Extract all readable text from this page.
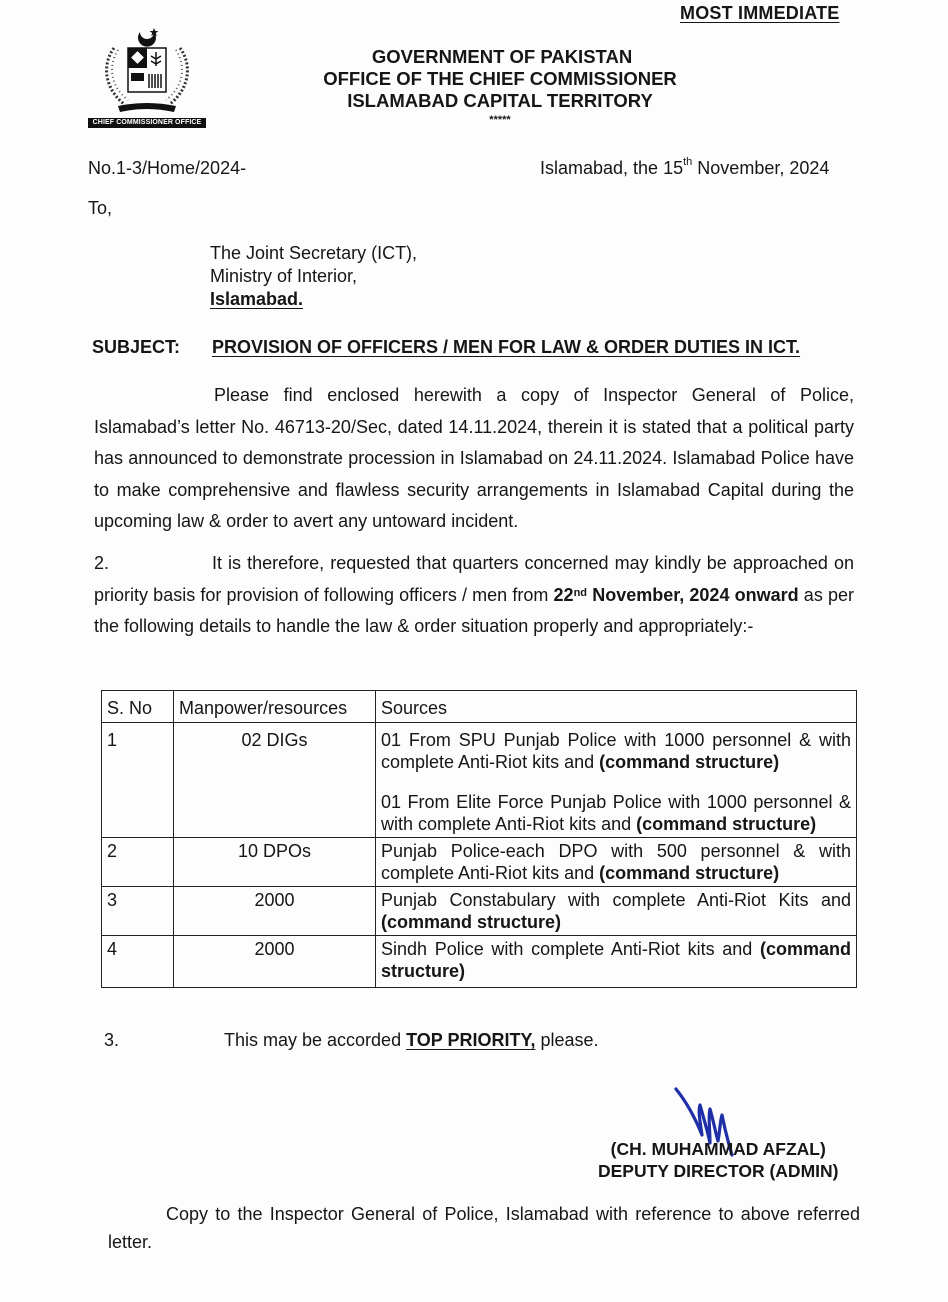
MOST IMMEDIATE
CHIEF COMMISSIONER OFFICE
GOVERNMENT OF PAKISTAN
OFFICE OF THE CHIEF COMMISSIONER
ISLAMABAD CAPITAL TERRITORY
*****
No.1-3/Home/2024-	Islamabad, the 15th November, 2024
To,
The Joint Secretary (ICT),
Ministry of Interior,
Islamabad.
SUBJECT: PROVISION OF OFFICERS / MEN FOR LAW & ORDER DUTIES IN ICT.
Please find enclosed herewith a copy of Inspector General of Police, Islamabad’s letter No. 46713-20/Sec, dated 14.11.2024, therein it is stated that a political party has announced to demonstrate procession in Islamabad on 24.11.2024. Islamabad Police have to make comprehensive and flawless security arrangements in Islamabad Capital during the upcoming law & order to avert any untoward incident.
2.	It is therefore, requested that quarters concerned may kindly be approached on priority basis for provision of following officers / men from 22nd November, 2024 onward as per the following details to handle the law & order situation properly and appropriately:-
S. No	Manpower/resources	Sources
1	02 DIGs	01 From SPU Punjab Police with 1000 personnel & with complete Anti-Riot kits and (command structure)
01 From Elite Force Punjab Police with 1000 personnel & with complete Anti-Riot kits and (command structure)

2	10 DPOs	Punjab Police-each DPO with 500 personnel & with complete Anti-Riot kits and (command structure)
3	2000	Punjab Constabulary with complete Anti-Riot Kits and (command structure)
4	2000	Sindh Police with complete Anti-Riot kits and (command structure)
3.	This may be accorded TOP PRIORITY, please.
(CH. MUHAMMAD AFZAL)
DEPUTY DIRECTOR (ADMIN)
Copy to the Inspector General of Police, Islamabad with reference to above referred letter.
